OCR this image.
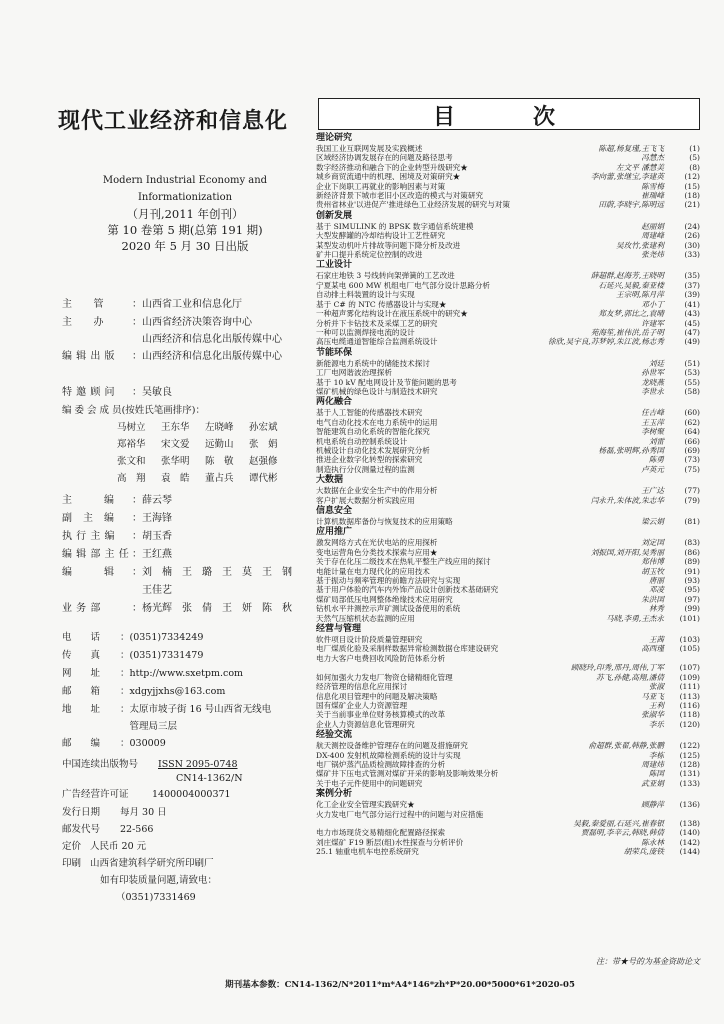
现代工业经济和信息化
Modern Industrial Economy and
Informationization
（月刊,2011 年创刊）
第 10 卷第 5 期(总第 191 期)
2020 年 5 月 30 日出版
主　　管	：山西省工业和信息化厅
主　　办	：山西省经济决策咨询中心
　山西经济和信息化出版传媒中心
编 辑 出 版	：山西经济和信息化出版传媒中心
特 邀 顾 问	：吴敏良
编 委 会 成 员(按姓氏笔画排序)：
马树立	王东华	左晓峰	孙宏斌
郑裕华	宋文爱	远勤山	张　娟
张文和	张华明	陈　敬	赵强修
高　翔	袁　皓	董占兵	谭代彬
主　　　编	：薛云琴
副　主　编	：王海锋
执 行 主 编	：胡玉香
编 辑 部 主 任 ：王红燕
编　　　辑	：刘　楠　王　璐　王　莫　王　钢
　王佳艺
业 务 部	：杨光辉　张　倩　王　妍　陈　秋
电　　话	：(0351)7334249
传　　真	：(0351)7331479
网　　址	：http://www.sxetpm.com
邮　　箱	：xdgyjjxhs@163.com
地　　址	：太原市坡子街 16 号山西省无线电
　管理局三层
邮　　编	：030009
中国连续出版物号	ISSN 2095-0748
CN14-1362/N
广告经营许可证	1400004000371
发行日期	每月 30 日
邮发代号	22-566
定价 人民币 20 元
印刷 山西省建筑科学研究所印刷厂
如有印装质量问题,请致电：
（0351)7331469
目　次
理论研究
我国工业互联网发展及实践概述	陈超,杨复瑾,王飞飞	(1)
区域经济协调发展存在的问题及路径思考	冯慧杰	(5)
数字经济推动和融合下的企业转型升级研究★	左文平 潘慧美	(8)
城乡商贸流通中的机理、困境及对策研究★	李向蕾,张继宝,李建英	(12)
企业下岗职工再就业的影响因素与对策	陈雪梅	(15)
新经济背景下城市老旧小区改造的模式与对策研究	崔瑞峰	(18)
贵州省林业'以进促产'推进绿色工业经济发展的研究与对策	田蔚,李晓宇,陈明远	(21)
创新发展
基于 SIMULINK 的 BPSK 数字通信系统建模	赵丽娟	(24)
大型发酵罐的冷却结构设计工艺性研究	周建峰	(26)
某型发动机叶片排故等问题下降分析及改进	吴玫竹,张建利	(30)
矿井口提升系统定位控制的改进	张尧炜	(33)
工业设计
石家庄地铁 3 号线转向架弹簧的工艺改进	薛超群,赵海芳,王晓明	(35)
宁夏某电 600 MW 机组电厂电气部分设计思路分析	石延兴,吴毅,秦亚楼	(37)
自动排土料装置的设计与实现	王宗明,陈月萍	(39)
基于 C# 的 NTC 传感器设计与实现★	邓小丁	(41)
一种超声雾化结构设计在液压系统中的研究★	郑友梦,郭比之,袁晴	(43)
分析并下卡钻技术及采煤工艺的研究	许建军	(45)
一种可以监测焊接电流的设计	苑海笙,崔伟洪,岳子明	(47)
高压电缆通道智能综合监测系统设计	徐欣,吴宇良,苏梦婷,朱江波,杨志秀	(49)
节能环保
新能源电力系统中的储能技术探讨	刘廷	(51)
工厂电网谐波治理探析	孙世军	(53)
基于 10 kV 配电网设计及节能问题的思考	龙晓燕	(55)
煤矿机械的绿色设计与制造技术研究	李世永	(58)
两化融合
基于人工智能的传感器技术研究	任吉峰	(60)
电气自动化技术在电力系统中的运用	王玉萍	(62)
智能建筑自动化系统的智能化探究	李树聚	(64)
机电系统自动控制系统设计	刘雷	(66)
机械设计自动化技术发展研究分析	杨磊,张明辉,孙秀国	(69)
推进企业数字化转型的探索研究	陈勇	(73)
制造执行分仪测量过程的监测	卢英元	(75)
大数据
大数据在企业安全生产中的作用分析	王广达	(77)
客户扩展大数据分析实践应用	闫永升,朱体波,朱志华	(79)
信息安全
计算机数据库备份与恢复技术的应用策略	梁云娟	(81)
应用推广
激发网络方式在光伏电站的应用探析	刘定国	(83)
变电运营角色分类技术探索与应用★	刘振国,刘开阳,吴秀丽	(86)
关于存在化压二级技术在热轧平整生产线应用的探讨	郑伟博	(89)
电能计量在电力现代化的应用技术	胡玉牧	(91)
基于振动与频率管理的前瞻方法研究与实现	唐丽	(93)
基于用户体验的汽车内外饰产品设计创新技术基础研究	邓凌	(95)
煤矿局部低压电网整体绝缘技术应用研究	朱洪国	(97)
钻机水平井测控示声矿测试设备使用的系统	林秀	(99)
天然气压缩机状态监测的应用	马晓,李勇,王杰永	(101)
经营与管理
软件项目设计阶段质量管理研究	王茜	(103)
电厂煤质化验及采制样数据异常检测数据仓库建设研究	高西瑾	(105)
电力大客户电费回收风险防范体系分析
顾晓玲,印秀,邢丹,周伟,丁军	(107)
如何加强火力发电厂物资仓储精细化管理	苏飞,孙健,高翔,潘倩	(109)
经济管理的信息化应用探讨	张淑	(111)
信息化项目管理中的问题及解决策略	马亚飞	(113)
国有煤矿企业人力资源管理	王利	(116)
关于当前事业单位财务核算模式的改革	张淑华	(118)
企业人力资源信息化管理研究	李乐	(120)
经验交流
航天测控设备维护管理存在的问题及措施研究	俞超群,张翟,韩静,张鹏	(122)
DX-400 发射机故障检测系统的设计与实现	李栋	(125)
电厂锅炉蒸汽品质检测故障排查的分析	周建炜	(128)
煤矿井下压电式管测对煤矿开采的影响及影响效果分析	陈国	(131)
关于电子元件使用中的问题研究	武亚娟	(133)
案例分析
化工企业安全管理实践研究★	顾静萍	(136)
火力发电厂电气部分运行过程中的问题与对应措施
吴毅,秦爱丽,石延兴,崔春银	(138)
电力市场现货交易精细化配置路径探索	贾磊明,李辛云,韩晓,韩倩	(140)
刘庄煤矿 F19 断层(组)水性探查与分析评价	陈永林	(142)
25.1 轴重电机车电控系统研究	胡荣兵,庞铁	(144)
注：带★号的为基金资助论文
期刊基本参数：CN14-1362/N*2011*m*A4*146*zh*P*20.00*5000*61*2020-05
